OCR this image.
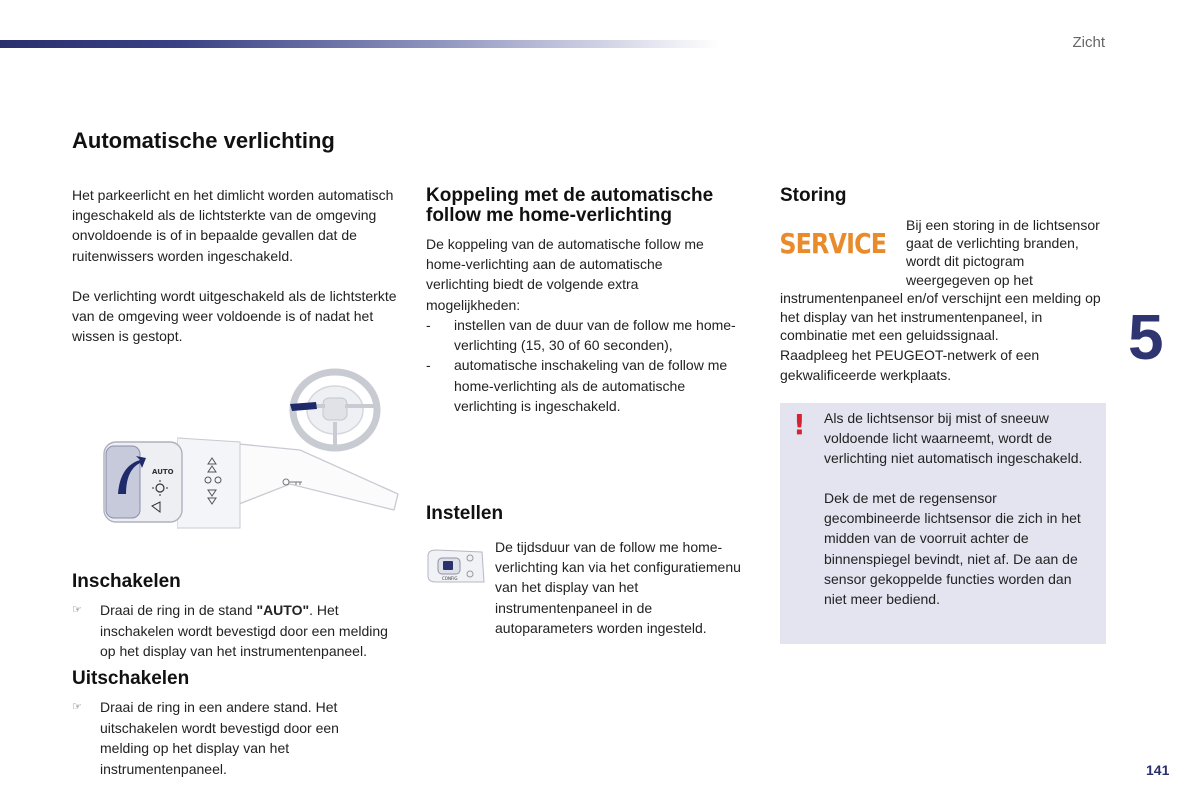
Zicht
Automatische verlichting
Het parkeerlicht en het dimlicht worden automatisch ingeschakeld als de lichtsterkte van de omgeving onvoldoende is of in bepaalde gevallen dat de ruitenwissers worden ingeschakeld.
De verlichting wordt uitgeschakeld als de lichtsterkte van de omgeving weer voldoende is of nadat het wissen is gestopt.
AUTO
Inschakelen
☞ Draai de ring in de stand "AUTO". Het inschakelen wordt bevestigd door een melding op het display van het instrumentenpaneel.
Uitschakelen
☞ Draai de ring in een andere stand. Het uitschakelen wordt bevestigd door een melding op het display van het instrumentenpaneel.
Koppeling met de automatische follow me home-verlichting
De koppeling van de automatische follow me home-verlichting aan de automatische verlichting biedt de volgende extra mogelijkheden:
- instellen van de duur van de follow me home-verlichting (15, 30 of 60 seconden),
- automatische inschakeling van de follow me home-verlichting als de automatische verlichting is ingeschakeld.
Instellen
CONFIG
De tijdsduur van de follow me home-verlichting kan via het configuratiemenu van het display van het instrumentenpaneel in de autoparameters worden ingesteld.
Storing
SERVICE
Bij een storing in de lichtsensor gaat de verlichting branden, wordt dit pictogram weergegeven op het
instrumentenpaneel en/of verschijnt een melding op het display van het instrumentenpaneel, in combinatie met een geluidssignaal.
Raadpleeg het PEUGEOT-netwerk of een gekwalificeerde werkplaats.
! Als de lichtsensor bij mist of sneeuw voldoende licht waarneemt, wordt de verlichting niet automatisch ingeschakeld.
Dek de met de regensensor gecombineerde lichtsensor die zich in het midden van de voorruit achter de binnenspiegel bevindt, niet af. De aan de sensor gekoppelde functies worden dan niet meer bediend.
5
141
